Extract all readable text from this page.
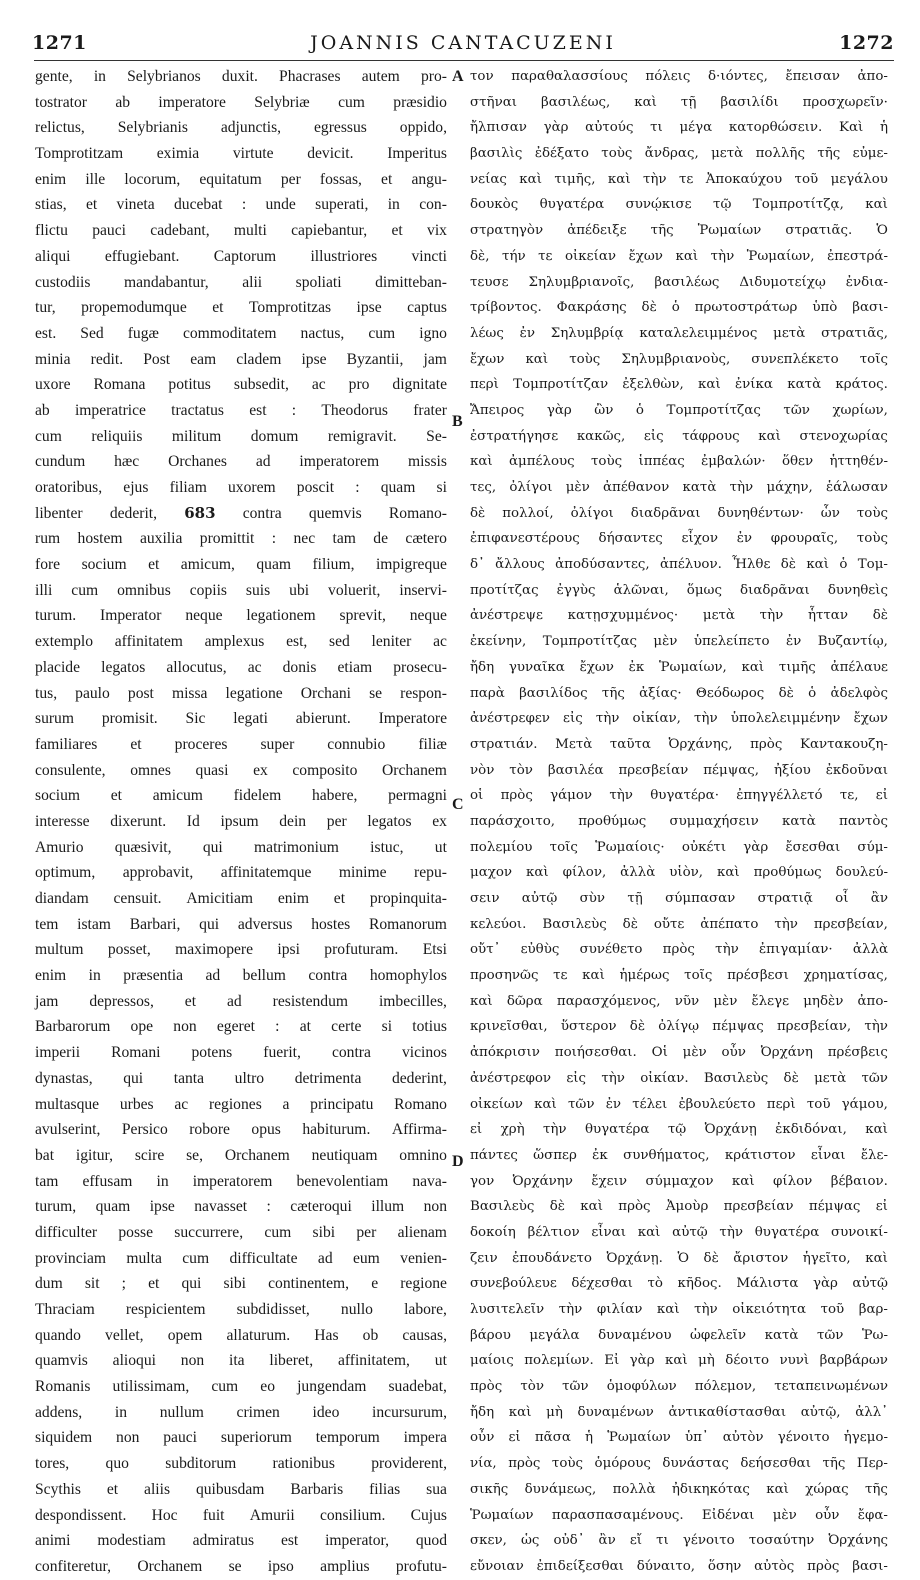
1271	JOANNIS CANTACUZENI	1272
gente, in Selybrianos duxit. Phacrases autem pro-
tostrator ab imperatore Selybriæ cum præsidio
relictus, Selybrianis adjunctis, egressus oppido,
Tomprotitzam eximia virtute devicit. Imperitus
enim ille locorum, equitatum per fossas, et angu-
stias, et vineta ducebat : unde superati, in con-
flictu pauci cadebant, multi capiebantur, et vix
aliqui effugiebant. Captorum illustriores vincti
custodiis mandabantur, alii spoliati dimitteban-
tur, propemodumque et Tomprotitzas ipse captus
est. Sed fugæ commoditatem nactus, cum igno
minia redit. Post eam cladem ipse Byzantii, jam
uxore Romana potitus subsedit, ac pro dignitate
ab imperatrice tractatus est : Theodorus frater
cum reliquiis militum domum remigravit. Se-
cundum hæc Orchanes ad imperatorem missis
oratoribus, ejus filiam uxorem poscit : quam si
libenter dederit, 683 contra quemvis Romano-
rum hostem auxilia promittit : nec tam de cætero
fore socium et amicum, quam filium, impigreque
illi cum omnibus copiis suis ubi voluerit, inservi-
turum. Imperator neque legationem sprevit, neque
extemplo affinitatem amplexus est, sed leniter ac
placide legatos allocutus, ac donis etiam prosecu-
tus, paulo post missa legatione Orchani se respon-
surum promisit. Sic legati abierunt. Imperatore
familiares et proceres super connubio filiæ
consulente, omnes quasi ex composito Orchanem
socium et amicum fidelem habere, permagni
interesse dixerunt. Id ipsum dein per legatos ex
Amurio quæsivit, qui matrimonium istuc, ut
optimum, approbavit, affinitatemque minime repu-
diandam censuit. Amicitiam enim et propinquita-
tem istam Barbari, qui adversus hostes Romanorum
multum posset, maximopere ipsi profuturam. Etsi
enim in præsentia ad bellum contra homophylos
jam depressos, et ad resistendum imbecilles,
Barbarorum ope non egeret : at certe si totius
imperii Romani potens fuerit, contra vicinos
dynastas, qui tanta ultro detrimenta dederint,
multasque urbes ac regiones a principatu Romano
avulserint, Persico robore opus habiturum. Affirma-
bat igitur, scire se, Orchanem neutiquam omnino
tam effusam in imperatorem benevolentiam nava-
turum, quam ipse navasset : cæteroqui illum non
difficulter posse succurrere, cum sibi per alienam
provinciam multa cum difficultate ad eum venien-
dum sit ; et qui sibi continentem, e regione
Thraciam respicientem subdidisset, nullo labore,
quando vellet, opem allaturum. Has ob causas,
quamvis alioqui non ita liberet, affinitatem, ut
Romanis utilissimam, cum eo jungendam suadebat,
addens, in nullum crimen ideo incursurum,
siquidem non pauci superiorum temporum impera
tores, quo subditorum rationibus providerent,
Scythis et aliis quibusdam Barbaris filias sua
despondissent. Hoc fuit Amurii consilium. Cujus
animi modestiam admiratus est imperator, quod
confiteretur, Orchanem se ipso amplius profutu-
τον παραθαλασσίους πόλεις δ·ιόντες, ἔπεισαν ἀπο-
στῆναι βασιλέως, καὶ τῇ βασιλίδι προσχωρεῖν·
ἤλπισαν γὰρ αὐτούς τι μέγα κατορθώσειν. Καὶ ἡ
βασιλὶς ἐδέξατο τοὺς ἄνδρας, μετὰ πολλῆς τῆς εὐμε-
νείας καὶ τιμῆς, καὶ τὴν τε Ἀποκαύχου τοῦ μεγάλου
δουκὸς θυγατέρα συνῴκισε τῷ Τομπροτίτζᾳ, καὶ
στρατηγὸν ἀπέδειξε τῆς Ῥωμαίων στρατιᾶς. Ὁ
δὲ, τήν τε οἰκείαν ἔχων καὶ τὴν Ῥωμαίων, ἐπεστρά-
τευσε Σηλυμβριανοῖς, βασιλέως Διδυμοτείχῳ ἐνδια-
τρίβοντος. Φακράσης δὲ ὁ πρωτοστράτωρ ὑπὸ βασι-
λέως ἐν Σηλυμβρίᾳ καταλελειμμένος μετὰ στρατιᾶς,
ἔχων καὶ τοὺς Σηλυμβριανοὺς, συνεπλέκετο τοῖς
περὶ Τομπροτίτζαν ἐξελθὼν, καὶ ἐνίκα κατὰ κράτος.
Ἄπειρος γὰρ ὢν ὁ Τομπροτίτζας τῶν χωρίων,
ἐστρατήγησε κακῶς, εἰς τάφρους καὶ στενοχωρίας
καὶ ἀμπέλους τοὺς ἱππέας ἐμβαλών· ὅθεν ἡττηθέν-
τες, ὀλίγοι μὲν ἀπέθανον κατὰ τὴν μάχην, ἑάλωσαν
δὲ πολλοί, ὀλίγοι διαδρᾶναι δυνηθέντων· ὧν τοὺς
ἐπιφανεστέρους δήσαντες εἶχον ἐν φρουραῖς, τοὺς
δ᾽ ἄλλους ἀποδύσαντες, ἀπέλυον. Ἦλθε δὲ καὶ ὁ Τομ-
προτίτζας ἐγγὺς ἁλῶναι, ὅμως διαδρᾶναι δυνηθεὶς
ἀνέστρεψε κατῃσχυμμένος· μετὰ τὴν ἧτταν δὲ
ἐκείνην, Τομπροτίτζας μὲν ὑπελείπετο ἐν Βυζαντίῳ,
ἤδη γυναῖκα ἔχων ἐκ Ῥωμαίων, καὶ τιμῆς ἀπέλαυε
παρὰ βασιλίδος τῆς ἀξίας· Θεόδωρος δὲ ὁ ἀδελφὸς
ἀνέστρεφεν εἰς τὴν οἰκίαν, τὴν ὑπολελειμμένην ἔχων
στρατιάν. Μετὰ ταῦτα Ὀρχάνης, πρὸς Καντακουζη-
νὸν τὸν βασιλέα πρεσβείαν πέμψας, ἠξίου ἐκδοῦναι
οἱ πρὸς γάμον τὴν θυγατέρα· ἐπηγγέλλετό τε, εἰ
παράσχοιτο, προθύμως συμμαχήσειν κατὰ παντὸς
πολεμίου τοῖς Ῥωμαίοις· οὐκέτι γὰρ ἔσεσθαι σύμ-
μαχον καὶ φίλον, ἀλλὰ υἱὸν, καὶ προθύμως δουλεύ-
σειν αὐτῷ σὺν τῇ σύμπασαν στρατιᾷ οἷ ἂν
κελεύοι. Βασιλεὺς δὲ οὔτε ἀπέπατο τὴν πρεσβείαν,
οὔτ᾽ εὐθὺς συνέθετο πρὸς τὴν ἐπιγαμίαν· ἀλλὰ
προσηνῶς τε καὶ ἡμέρως τοῖς πρέσβεσι χρηματίσας,
καὶ δῶρα παρασχόμενος, νῦν μὲν ἔλεγε μηδὲν ἀπο-
κρινεῖσθαι, ὕστερον δὲ ὀλίγῳ πέμψας πρεσβείαν, τὴν
ἀπόκρισιν ποιήσεσθαι. Οἱ μὲν οὖν Ὀρχάνη πρέσβεις
ἀνέστρεφον εἰς τὴν οἰκίαν. Βασιλεὺς δὲ μετὰ τῶν
οἰκείων καὶ τῶν ἐν τέλει ἐβουλεύετο περὶ τοῦ γάμου,
εἰ χρὴ τὴν θυγατέρα τῷ Ὀρχάνῃ ἐκδιδόναι, καὶ
πάντες ὥσπερ ἐκ συνθήματος, κράτιστον εἶναι ἔλε-
γον Ὀρχάνην ἔχειν σύμμαχον καὶ φίλον βέβαιον.
Βασιλεὺς δὲ καὶ πρὸς Ἀμοὺρ πρεσβείαν πέμψας εἰ
δοκοίη βέλτιον εἶναι καὶ αὐτῷ τὴν θυγατέρα συνοικί-
ζειν ἐπουδάνετο Ὀρχάνῃ. Ὁ δὲ ἄριστον ἡγεῖτο, καὶ
συνεβούλευε δέχεσθαι τὸ κῆδος. Μάλιστα γὰρ αὐτῷ
λυσιτελεῖν τὴν φιλίαν καὶ τὴν οἰκειότητα τοῦ βαρ-
βάρου μεγάλα δυναμένου ὠφελεῖν κατὰ τῶν Ῥω-
μαίοις πολεμίων. Εἰ γὰρ καὶ μὴ δέοιτο νυνὶ βαρβάρων
πρὸς τὸν τῶν ὁμοφύλων πόλεμον, τεταπεινωμένων
ἤδη καὶ μὴ δυναμένων ἀντικαθίστασθαι αὐτῷ, ἀλλ᾽
οὖν εἰ πᾶσα ἡ Ῥωμαίων ὑπ᾽ αὐτὸν γένοιτο ἡγεμο-
νία, πρὸς τοὺς ὁμόρους δυνάστας δεήσεσθαι τῆς Περ-
σικῆς δυνάμεως, πολλὰ ἠδικηκότας καὶ χώρας τῆς
Ῥωμαίων παρασπασαμένους. Εἰδέναι μὲν οὖν ἔφα-
σκεν, ὡς οὐδ᾽ ἂν εἴ τι γένοιτο τοσαύτην Ὀρχάνης
εὔνοιαν ἐπιδείξεσθαι δύναιτο, ὅσην αὐτὸς πρὸς βασι-
A
B
C
D
